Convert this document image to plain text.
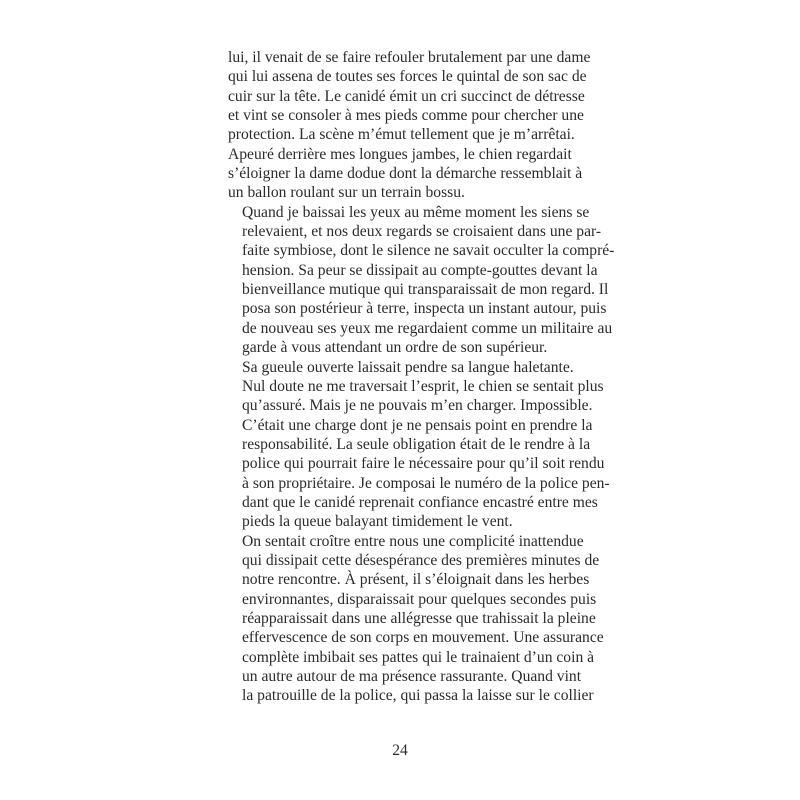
lui, il venait de se faire refouler brutalement par une dame
qui lui assena de toutes ses forces le quintal de son sac de
cuir sur la tête. Le canidé émit un cri succinct de détresse
et vint se consoler à mes pieds comme pour chercher une
protection. La scène m’émut tellement que je m’arrêtai.
Apeuré derrière mes longues jambes, le chien regardait
s’éloigner la dame dodue dont la démarche ressemblait à
un ballon roulant sur un terrain bossu.
Quand je baissai les yeux au même moment les siens se
relevaient, et nos deux regards se croisaient dans une par-
faite symbiose, dont le silence ne savait occulter la compré-
hension. Sa peur se dissipait au compte-gouttes devant la
bienveillance mutique qui transparaissait de mon regard. Il
posa son postérieur à terre, inspecta un instant autour, puis
de nouveau ses yeux me regardaient comme un militaire au
garde à vous attendant un ordre de son supérieur.
Sa gueule ouverte laissait pendre sa langue haletante.
Nul doute ne me traversait l’esprit, le chien se sentait plus
qu’assuré. Mais je ne pouvais m’en charger. Impossible.
C’était une charge dont je ne pensais point en prendre la
responsabilité. La seule obligation était de le rendre à la
police qui pourrait faire le nécessaire pour qu’il soit rendu
à son propriétaire. Je composai le numéro de la police pen-
dant que le canidé reprenait confiance encastré entre mes
pieds la queue balayant timidement le vent.
On sentait croître entre nous une complicité inattendue
qui dissipait cette désespérance des premières minutes de
notre rencontre. À présent, il s’éloignait dans les herbes
environnantes, disparaissait pour quelques secondes puis
réapparaissait dans une allégresse que trahissait la pleine
effervescence de son corps en mouvement. Une assurance
complète imbibait ses pattes qui le trainaient d’un coin à
un autre autour de ma présence rassurante. Quand vint
la patrouille de la police, qui passa la laisse sur le collier
24
